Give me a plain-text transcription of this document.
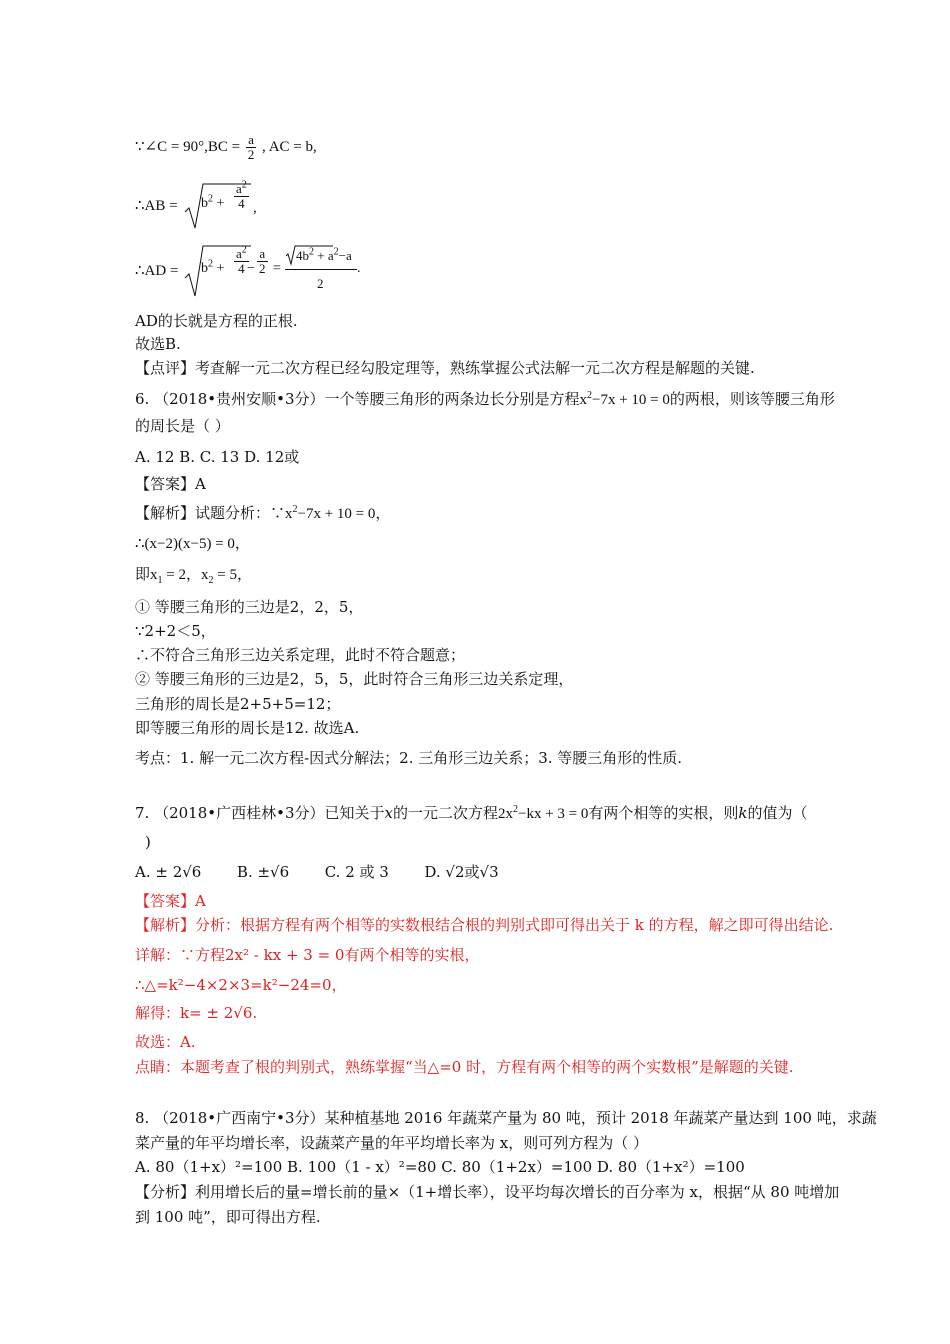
∵∠C = $90^\circ,BC = \frac{a}{2}$ , AC = b,
∴AB = $b^2 + \frac{a^2}{4}$ ,
∴AD = $b^2 + \frac{a^2}{4}$
− $\frac{a}{2}$ =
$4b^2 + a^2-a$
2
.
AD的长就是方程的正根.
故选B.
【点评】考查解一元二次方程已经勾股定理等，熟练掌握公式法解一元二次方程是解题的关键.
6. （2018•贵州安顺•3分）一个等腰三角形的两条边长分别是方程$x^2-7x + 10 = 0$的两根，则该等腰三角形
的周长是（ ）
A. 12 B. C. 13 D. 12或
【答案】A
【解析】试题分析：$\because x^2-7x + 10 = 0$，
∴(x−2)(x−5) = 0，
即$x_1 = 2$，$x_2 = 5$，
① 等腰三角形的三边是2，2，5，
∵2+2＜5，
∴不符合三角形三边关系定理，此时不符合题意；
② 等腰三角形的三边是2，5，5，此时符合三角形三边关系定理，
三角形的周长是2+5+5=12；
即等腰三角形的周长是12. 故选A.
考点：1. 解一元二次方程-因式分解法；2. 三角形三边关系；3. 等腰三角形的性质.
7. （2018•广西桂林•3分）已知关于x的一元二次方程$2x^2-kx + 3 = 0$有两个相等的实根，则k的值为（
)
A. ± 2√6 B. ±√6 C. 2 或 3 D. √2或√3
【答案】A
【解析】分析：根据方程有两个相等的实数根结合根的判别式即可得出关于 k 的方程，解之即可得出结论.
详解：∵方程2x² - kx + 3 = 0有两个相等的实根，
∴△=k²−4×2×3=k²−24=0，
解得：k= ± 2√6.
故选：A.
点睛：本题考查了根的判别式，熟练掌握“当△=0 时，方程有两个相等的两个实数根”是解题的关键.
8. （2018•广西南宁•3分）某种植基地 2016 年蔬菜产量为 80 吨，预计 2018 年蔬菜产量达到 100 吨，求蔬
菜产量的年平均增长率，设蔬菜产量的年平均增长率为 x，则可列方程为（ ）
A. 80（1+x）²=100 B. 100（1 - x）²=80 C. 80（1+2x）=100 D. 80（1+x²）=100
【分析】利用增长后的量=增长前的量×（1+增长率），设平均每次增长的百分率为 x，根据“从 80 吨增加
到 100 吨”，即可得出方程.
